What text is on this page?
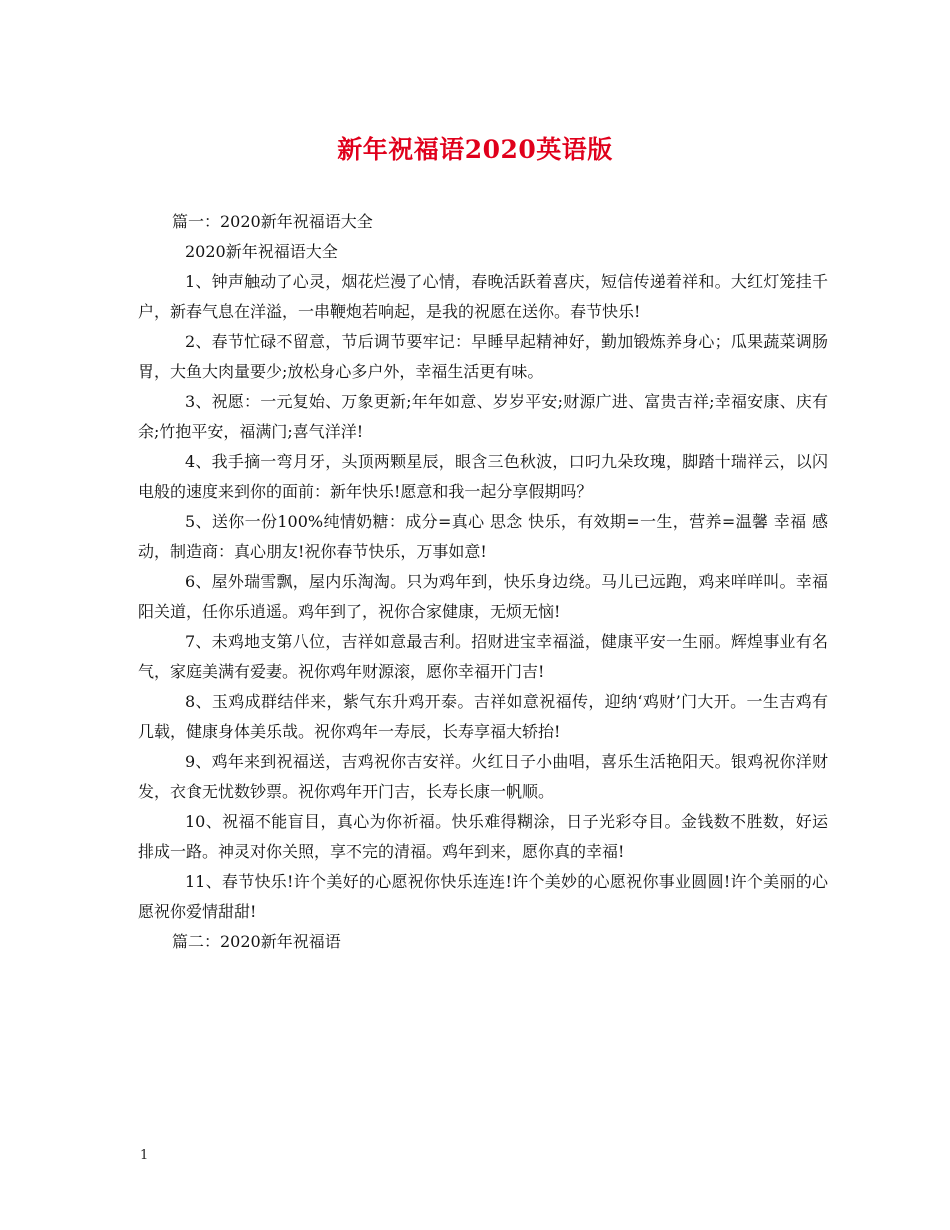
新年祝福语2020英语版

篇一：2020新年祝福语大全

2020新年祝福语大全

1、钟声触动了心灵，烟花烂漫了心情，春晚活跃着喜庆，短信传递着祥和。大红灯笼挂千户，新春气息在洋溢，一串鞭炮若响起，是我的祝愿在送你。春节快乐!

2、春节忙碌不留意，节后调节要牢记：早睡早起精神好，勤加锻炼养身心；瓜果蔬菜调肠胃，大鱼大肉量要少;放松身心多户外，幸福生活更有味。

3、祝愿：一元复始、万象更新;年年如意、岁岁平安;财源广进、富贵吉祥;幸福安康、庆有余;竹抱平安，福满门;喜气洋洋!

4、我手摘一弯月牙，头顶两颗星辰，眼含三色秋波，口叼九朵玫瑰，脚踏十瑞祥云，以闪电般的速度来到你的面前：新年快乐!愿意和我一起分享假期吗？

5、送你一份100%纯情奶糖：成分=真心 思念 快乐，有效期=一生，营养=温馨 幸福 感动，制造商：真心朋友!祝你春节快乐，万事如意!

6、屋外瑞雪飘，屋内乐淘淘。只为鸡年到，快乐身边绕。马儿已远跑，鸡来咩咩叫。幸福阳关道，任你乐逍遥。鸡年到了，祝你合家健康，无烦无恼!

7、未鸡地支第八位，吉祥如意最吉利。招财进宝幸福溢，健康平安一生丽。辉煌事业有名气，家庭美满有爱妻。祝你鸡年财源滚，愿你幸福开门吉!

8、玉鸡成群结伴来，紫气东升鸡开泰。吉祥如意祝福传，迎纳‘鸡财’门大开。一生吉鸡有几载，健康身体美乐哉。祝你鸡年一寿辰，长寿享福大轿抬!

9、鸡年来到祝福送，吉鸡祝你吉安祥。火红日子小曲唱，喜乐生活艳阳天。银鸡祝你洋财发，衣食无忧数钞票。祝你鸡年开门吉，长寿长康一帆顺。

10、祝福不能盲目，真心为你祈福。快乐难得糊涂，日子光彩夺目。金钱数不胜数，好运排成一路。神灵对你关照，享不完的清福。鸡年到来，愿你真的幸福!

11、春节快乐!许个美好的心愿祝你快乐连连!许个美妙的心愿祝你事业圆圆!许个美丽的心愿祝你爱情甜甜!

篇二：2020新年祝福语

1
